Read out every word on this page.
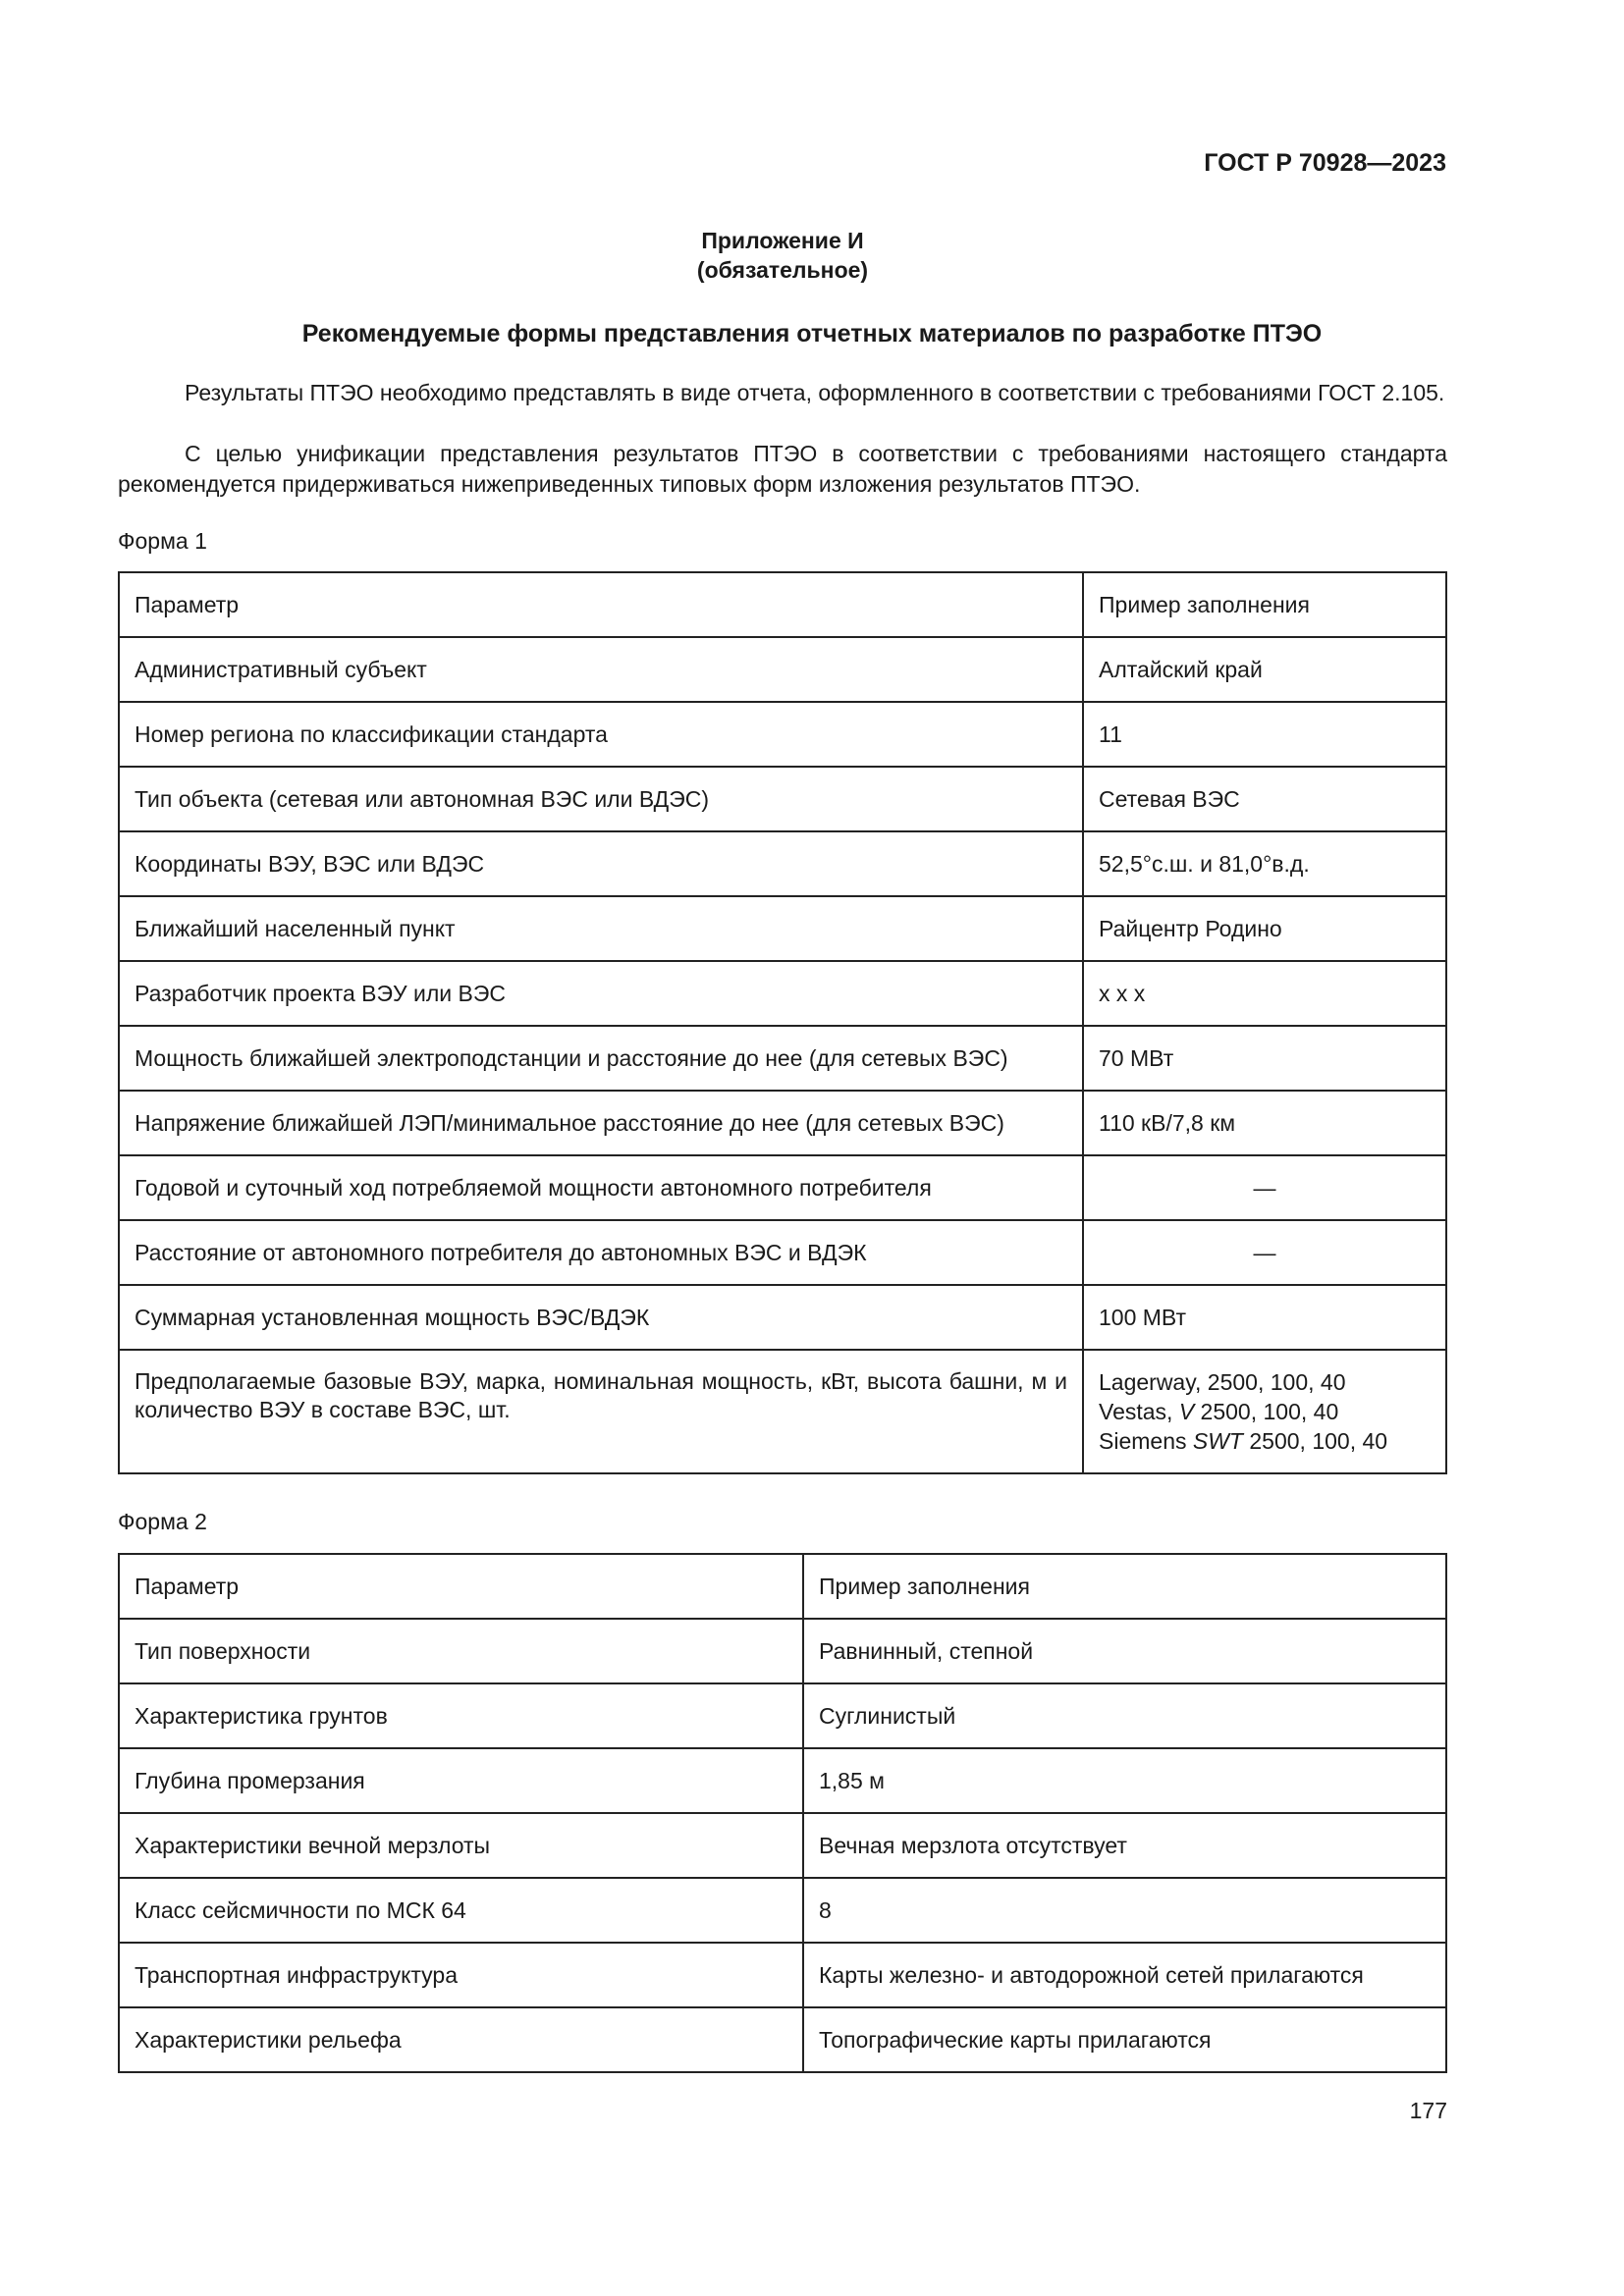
ГОСТ Р 70928—2023
Приложение И
(обязательное)
Рекомендуемые формы представления отчетных материалов по разработке ПТЭО

Результаты ПТЭО необходимо представлять в виде отчета, оформленного в соответствии с требованиями ГОСТ 2.105.

С целью унификации представления результатов ПТЭО в соответствии с требованиями настоящего стандарта рекомендуется придерживаться нижеприведенных типовых форм изложения результатов ПТЭО.

Форма 1
Параметр	Пример заполнения
Административный субъект	Алтайский край
Номер региона по классификации стандарта	11
Тип объекта (сетевая или автономная ВЭС или ВДЭС)	Сетевая ВЭС
Координаты ВЭУ, ВЭС или ВДЭС	52,5°с.ш. и 81,0°в.д.
Ближайший населенный пункт	Райцентр Родино
Разработчик проекта ВЭУ или ВЭС	х х х
Мощность ближайшей электроподстанции и расстояние до нее (для сетевых ВЭС)	70 МВт
Напряжение ближайшей ЛЭП/минимальное расстояние до нее (для сетевых ВЭС)	110 кВ/7,8 км
Годовой и суточный ход потребляемой мощности автономного потребителя	—
Расстояние от автономного потребителя до автономных ВЭС и ВДЭК	—
Суммарная установленная мощность ВЭС/ВДЭК	100 МВт
Предполагаемые базовые ВЭУ, марка, номинальная мощность, кВт, высота башни, м и количество ВЭУ в составе ВЭС, шт.	Lagerway, 2500, 100, 40
Vestas, V 2500, 100, 40
Siemens SWT 2500, 100, 40
Форма 2
Параметр	Пример заполнения
Тип поверхности	Равнинный, степной
Характеристика грунтов	Суглинистый
Глубина промерзания	1,85 м
Характеристики вечной мерзлоты	Вечная мерзлота отсутствует
Класс сейсмичности по МСК 64	8
Транспортная инфраструктура	Карты железно- и автодорожной сетей прилагаются
Характеристики рельефа	Топографические карты прилагаются
177
